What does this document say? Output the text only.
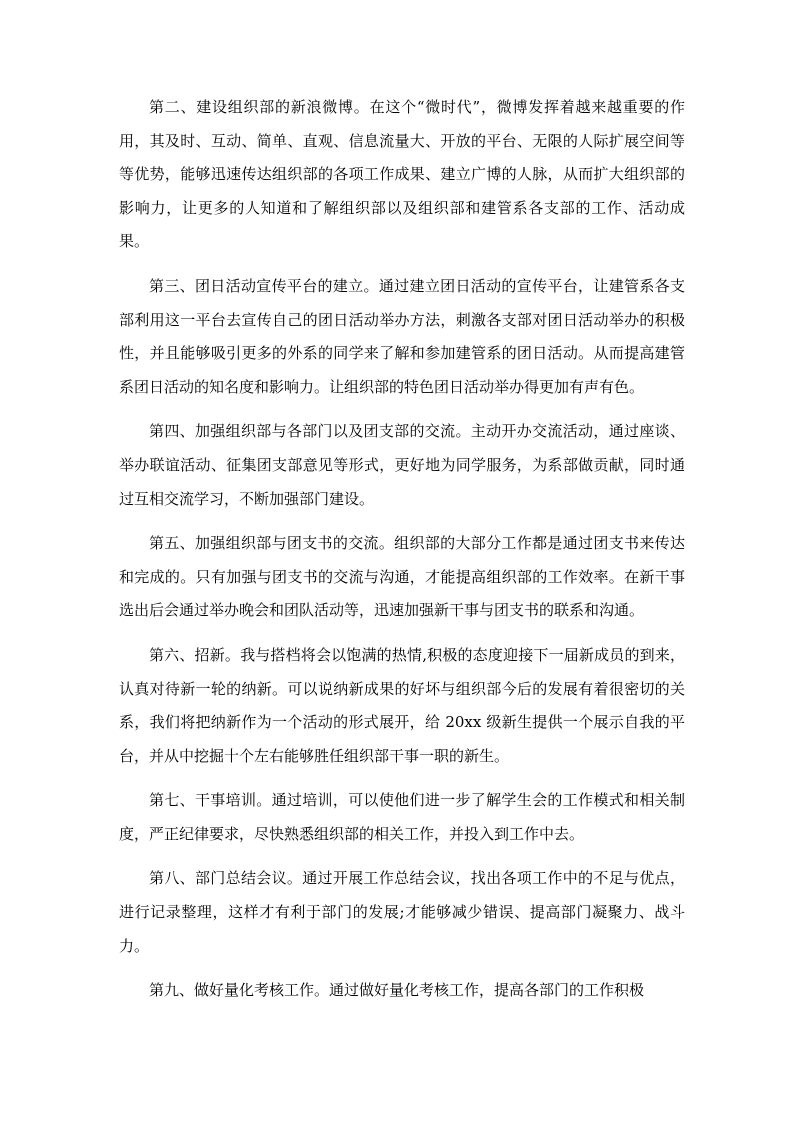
第二、建设组织部的新浪微博。在这个“微时代”，微博发挥着越来越重要的作用，其及时、互动、简单、直观、信息流量大、开放的平台、无限的人际扩展空间等等优势，能够迅速传达组织部的各项工作成果、建立广博的人脉，从而扩大组织部的影响力，让更多的人知道和了解组织部以及组织部和建管系各支部的工作、活动成果。

第三、团日活动宣传平台的建立。通过建立团日活动的宣传平台，让建管系各支部利用这一平台去宣传自己的团日活动举办方法，刺激各支部对团日活动举办的积极性，并且能够吸引更多的外系的同学来了解和参加建管系的团日活动。从而提高建管系团日活动的知名度和影响力。让组织部的特色团日活动举办得更加有声有色。

第四、加强组织部与各部门以及团支部的交流。主动开办交流活动，通过座谈、举办联谊活动、征集团支部意见等形式，更好地为同学服务，为系部做贡献，同时通过互相交流学习，不断加强部门建设。

第五、加强组织部与团支书的交流。组织部的大部分工作都是通过团支书来传达和完成的。只有加强与团支书的交流与沟通，才能提高组织部的工作效率。在新干事选出后会通过举办晚会和团队活动等，迅速加强新干事与团支书的联系和沟通。

第六、招新。我与搭档将会以饱满的热情,积极的态度迎接下一届新成员的到来，认真对待新一轮的纳新。可以说纳新成果的好坏与组织部今后的发展有着很密切的关系，我们将把纳新作为一个活动的形式展开，给 20xx 级新生提供一个展示自我的平台，并从中挖掘十个左右能够胜任组织部干事一职的新生。

第七、干事培训。通过培训，可以使他们进一步了解学生会的工作模式和相关制度，严正纪律要求，尽快熟悉组织部的相关工作，并投入到工作中去。

第八、部门总结会议。通过开展工作总结会议，找出各项工作中的不足与优点，进行记录整理，这样才有利于部门的发展;才能够减少错误、提高部门凝聚力、战斗力。

第九、做好量化考核工作。通过做好量化考核工作，提高各部门的工作积极
